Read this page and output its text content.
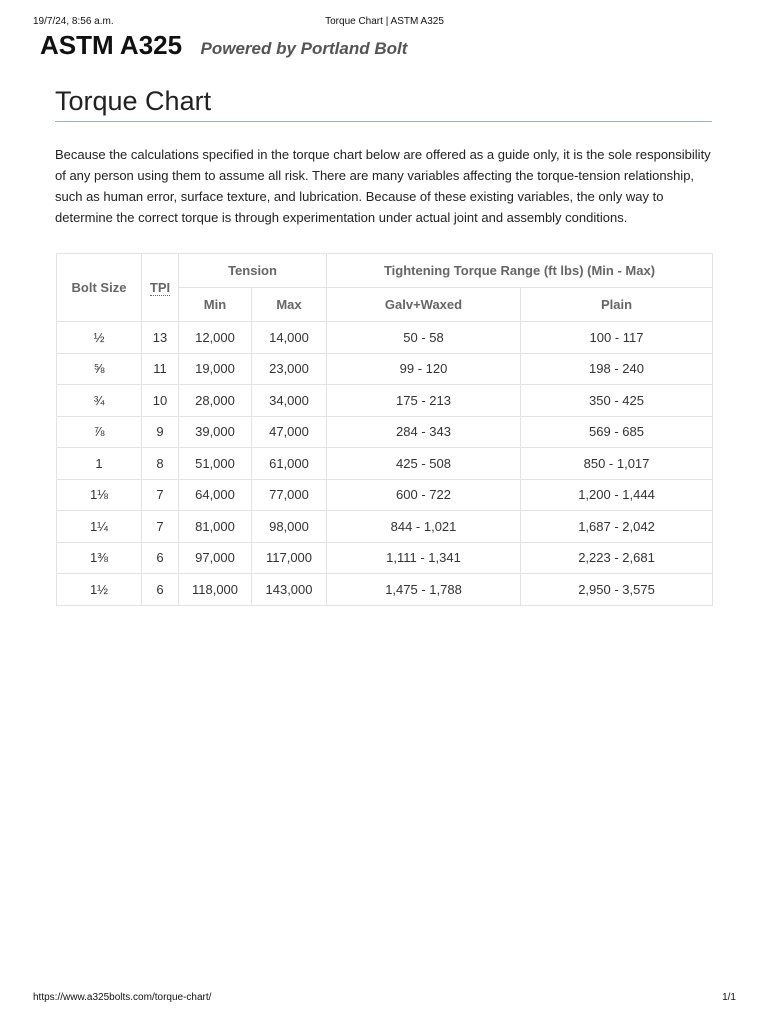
19/7/24, 8:56 a.m.	Torque Chart | ASTM A325
ASTM A325 Powered by Portland Bolt
Torque Chart

Because the calculations specified in the torque chart below are offered as a guide only, it is the sole responsibility of any person using them to assume all risk. There are many variables affecting the torque-tension relationship, such as human error, surface texture, and lubrication. Because of these existing variables, the only way to determine the correct torque is through experimentation under actual joint and assembly conditions.

Bolt Size	TPI	Tension		Tightening Torque Range (ft lbs) (Min - Max)	
		Min	Max	Galv+Waxed	Plain
½	13	12,000	14,000	50 - 58	100 - 117
⅝	11	19,000	23,000	99 - 120	198 - 240
¾	10	28,000	34,000	175 - 213	350 - 425
⅞	9	39,000	47,000	284 - 343	569 - 685
1	8	51,000	61,000	425 - 508	850 - 1,017
1⅛	7	64,000	77,000	600 - 722	1,200 - 1,444
1¼	7	81,000	98,000	844 - 1,021	1,687 - 2,042
1⅜	6	97,000	117,000	1,111 - 1,341	2,223 - 2,681
1½	6	118,000	143,000	1,475 - 1,788	2,950 - 3,575
https://www.a325bolts.com/torque-chart/	1/1
